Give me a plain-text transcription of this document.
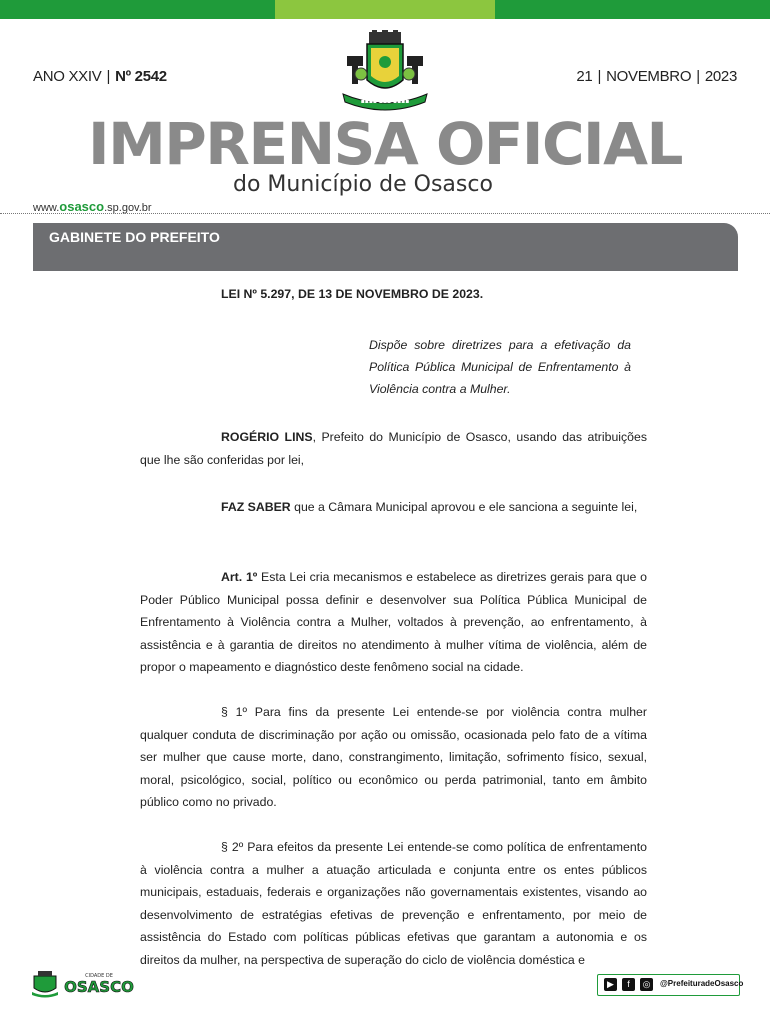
ANO XXIV | Nº 2542	21 | NOVEMBRO | 2023
▪▪▪▪ ▪▪▪ ▪▪▪▪
IMPRENSA OFICIAL
do Município de Osasco
www.osasco.sp.gov.br
GABINETE DO PREFEITO
LEI Nº 5.297, DE 13 DE NOVEMBRO DE 2023.
Dispõe sobre diretrizes para a efetivação da Política Pública Municipal de Enfrentamento à Violência contra a Mulher.

ROGÉRIO LINS, Prefeito do Município de Osasco, usando das atribuições que lhe são conferidas por lei,

FAZ SABER que a Câmara Municipal aprovou e ele sanciona a seguinte lei,

Art. 1º Esta Lei cria mecanismos e estabelece as diretrizes gerais para que o Poder Público Municipal possa definir e desenvolver sua Política Pública Municipal de Enfrentamento à Violência contra a Mulher, voltados à prevenção, ao enfrentamento, à assistência e à garantia de direitos no atendimento à mulher vítima de violência, além de propor o mapeamento e diagnóstico deste fenômeno social na cidade.

§ 1º Para fins da presente Lei entende-se por violência contra mulher qualquer conduta de discriminação por ação ou omissão, ocasionada pelo fato de a vítima ser mulher que cause morte, dano, constrangimento, limitação, sofrimento físico, sexual, moral, psicológico, social, político ou econômico ou perda patrimonial, tanto em âmbito público como no privado.

§ 2º Para efeitos da presente Lei entende-se como política de enfrentamento à violência contra a mulher a atuação articulada e conjunta entre os entes públicos municipais, estaduais, federais e organizações não governamentais existentes, visando ao desenvolvimento de estratégias efetivas de prevenção e enfrentamento, por meio de assistência do Estado com políticas públicas efetivas que garantam a autonomia e os direitos da mulher, na perspectiva de superação do ciclo de violência doméstica e

CIDADE DE
OSASCO	▶	f	◎	@PrefeituradeOsasco
